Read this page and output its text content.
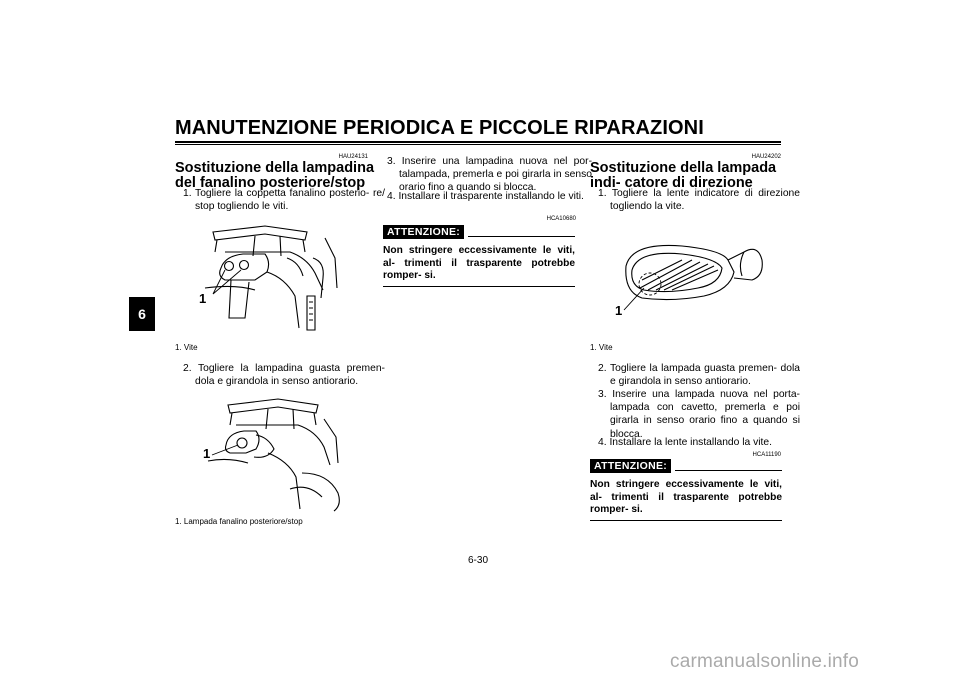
MANUTENZIONE PERIODICA E PICCOLE RIPARAZIONI
6
HAU24131
Sostituzione della lampadina del fanalino posteriore/stop
1. Togliere la coppetta fanalino posterio- re/ stop togliendo le viti.
1
1. Vite
2. Togliere la lampadina guasta premen- dola e girandola in senso antiorario.
1
1. Lampada fanalino posteriore/stop
3. Inserire una lampadina nuova nel por- talampada, premerla e poi girarla in senso orario fino a quando si blocca.
4. Installare il trasparente installando le viti.
HCA10680
ATTENZIONE:
Non stringere eccessivamente le viti, al- trimenti il trasparente potrebbe romper- si.
HAU24202
Sostituzione della lampada indi- catore di direzione
1. Togliere la lente indicatore di direzione togliendo la vite.
1
1. Vite
2. Togliere la lampada guasta premen- dola e girandola in senso antiorario.
3. Inserire una lampada nuova nel porta- lampada con cavetto, premerla e poi girarla in senso orario fino a quando si blocca.
4. Installare la lente installando la vite.
HCA11190
ATTENZIONE:
Non stringere eccessivamente le viti, al- trimenti il trasparente potrebbe romper- si.
6-30
carmanualsonline.info
